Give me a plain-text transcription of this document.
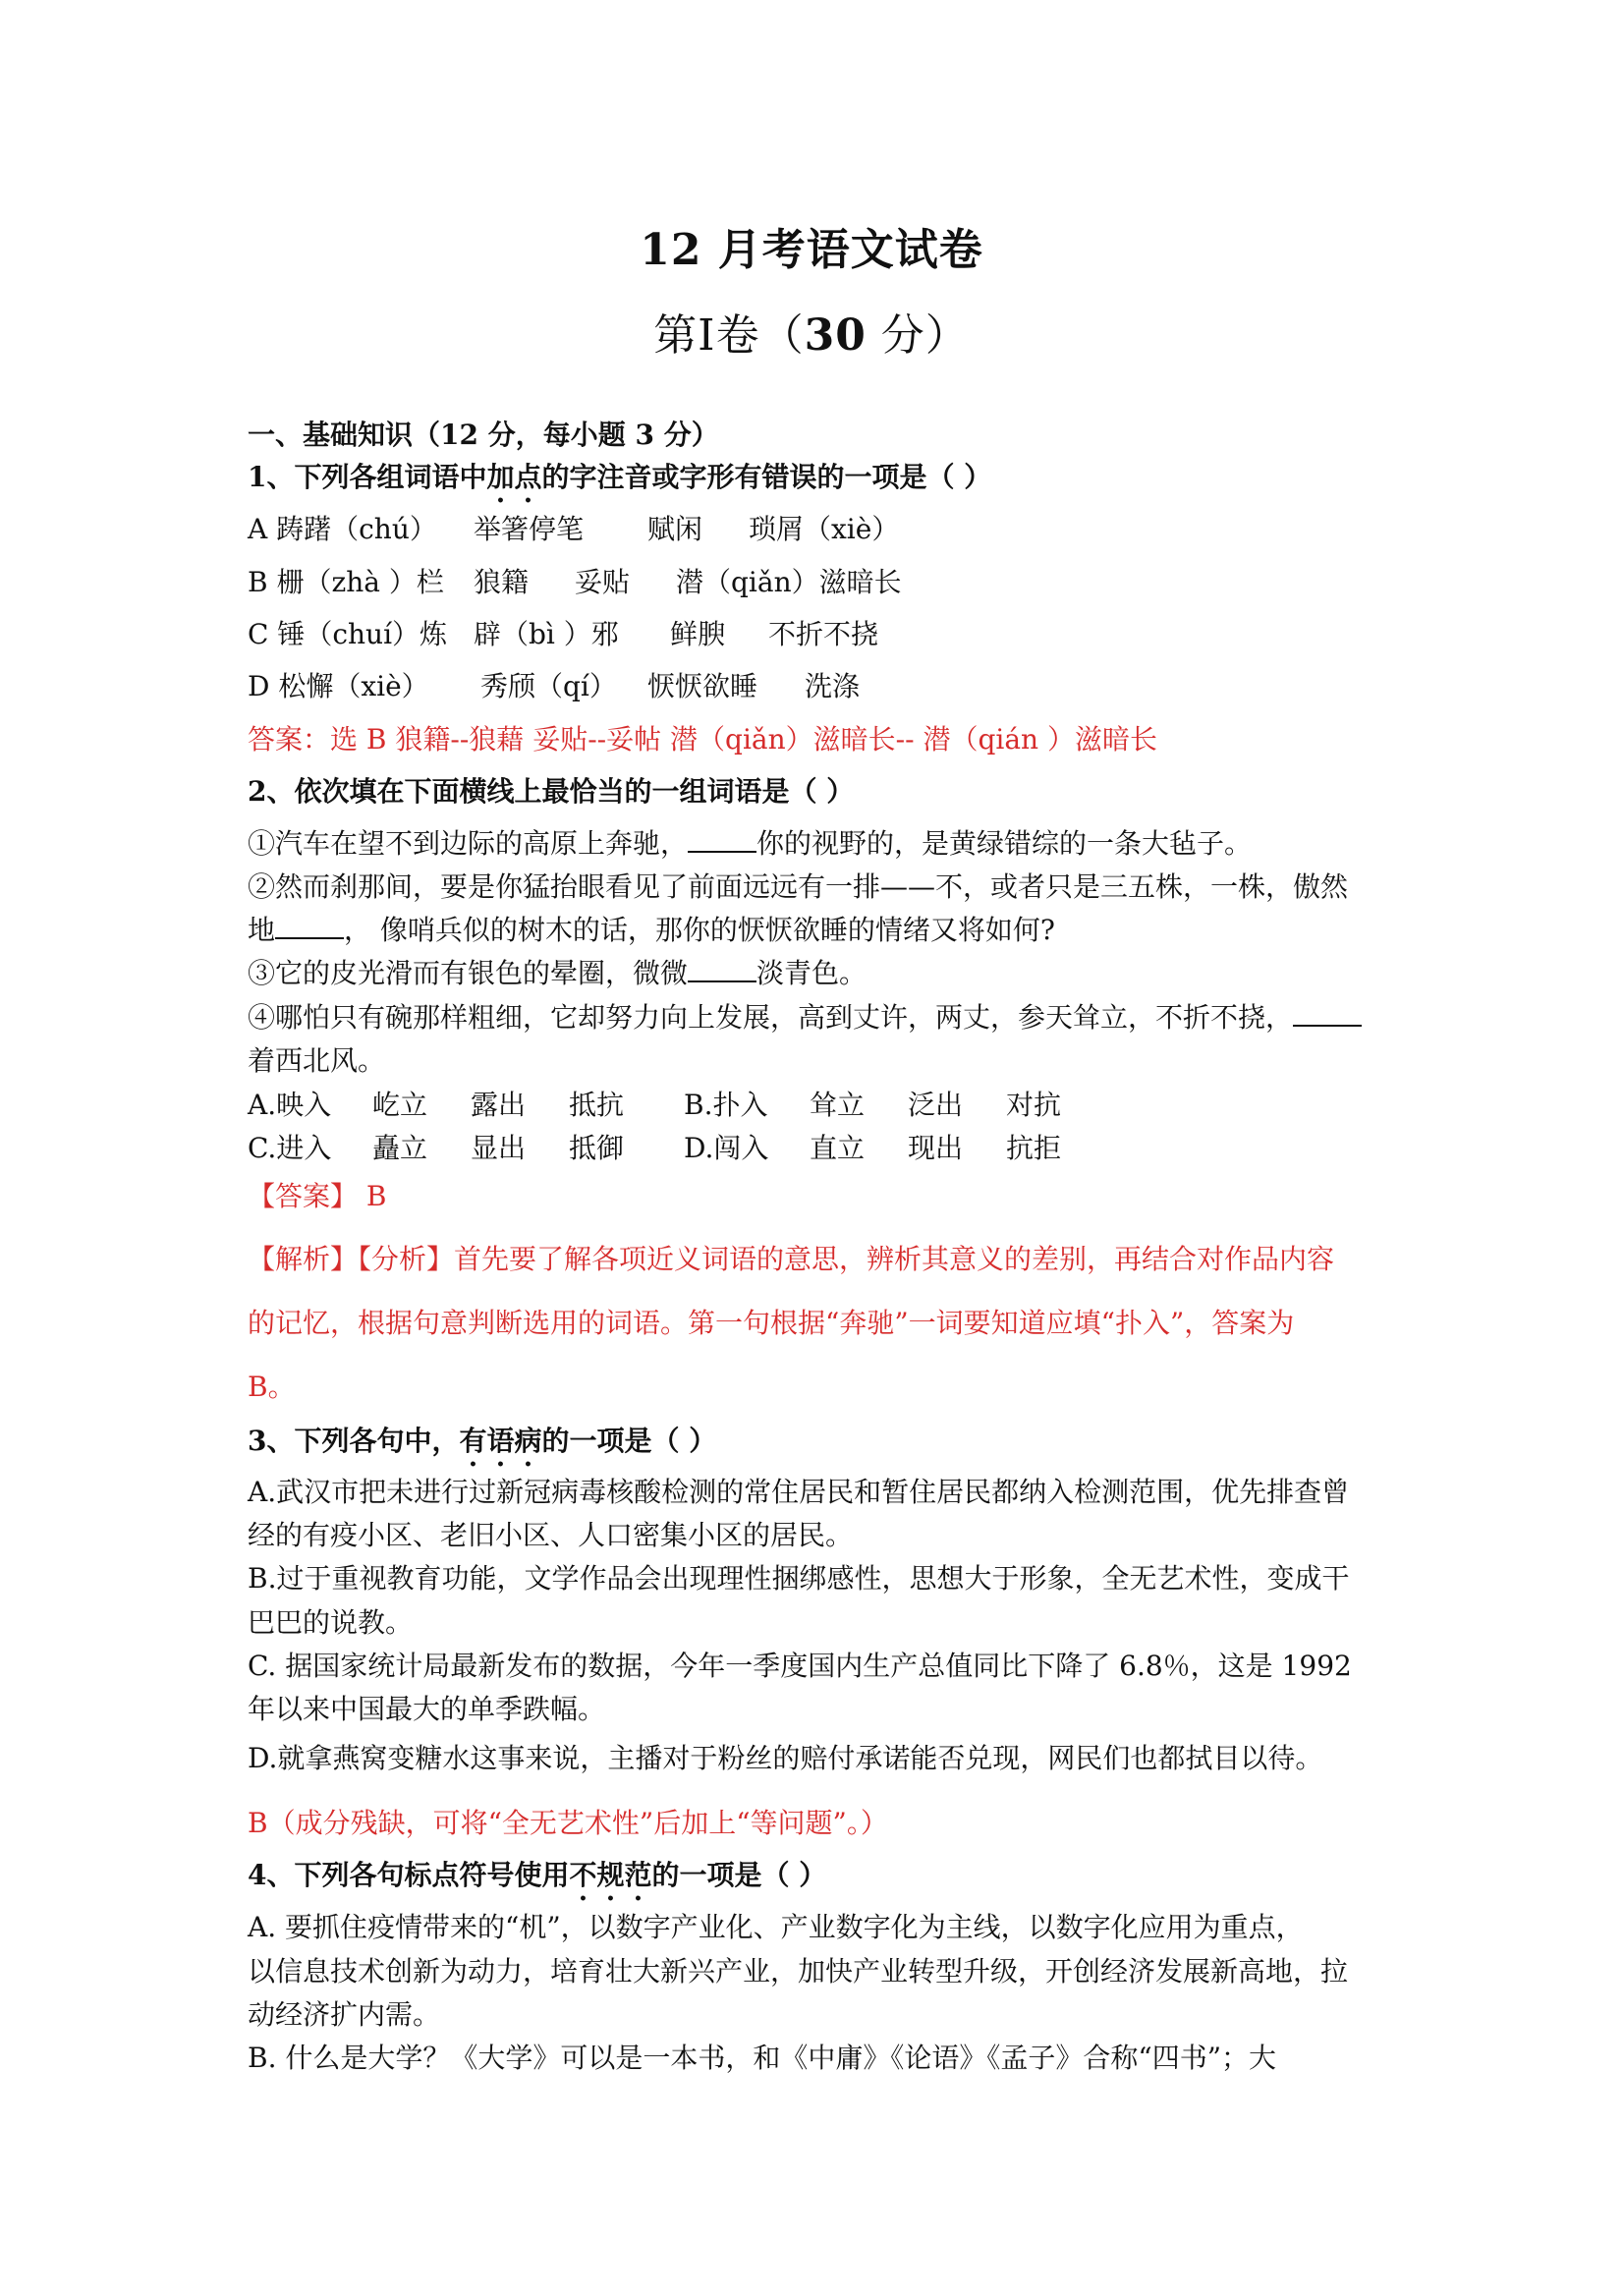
12 月考语文试卷
第Ⅰ卷（30 分）
一、基础知识（12 分，每小题 3 分）
1、下列各组词语中加点的字注音或字形有错误的一项是（ ）
A 踌躇（chú） 举箸停笔 赋闲 琐屑（xiè）
B 栅（zhà ）栏 狼籍 妥贴 潜（qiǎn）滋暗长
C 锤（chuí）炼 辟（bì ）邪 鲜腴 不折不挠
D 松懈（xiè） 秀颀（qí） 恹恹欲睡 洗涤
答案：选 B 狼籍--狼藉 妥贴--妥帖 潜（qiǎn）滋暗长-- 潜（qián ）滋暗长
2、依次填在下面横线上最恰当的一组词语是（ ）
①汽车在望不到边际的高原上奔驰，	你的视野的，是黄绿错综的一条大毡子。
②然而刹那间，要是你猛抬眼看见了前面远远有一排——不，或者只是三五株，一株，傲然
地	， 像哨兵似的树木的话，那你的恹恹欲睡的情绪又将如何?
③它的皮光滑而有银色的晕圈，微微	淡青色。
④哪怕只有碗那样粗细，它却努力向上发展，高到丈许，两丈，参天耸立，不折不挠，
着西北风。
A.映入 屹立 露出 抵抗 B.扑入 耸立 泛出 对抗
C.进入 矗立 显出 抵御 D.闯入 直立 现出 抗拒
【答案】 B
【解析】【分析】首先要了解各项近义词语的意思，辨析其意义的差别，再结合对作品内容
的记忆，根据句意判断选用的词语。第一句根据“奔驰”一词要知道应填“扑入”，答案为
B。
3、下列各句中，有语病的一项是（ ）
A.武汉市把未进行过新冠病毒核酸检测的常住居民和暂住居民都纳入检测范围，优先排查曾
经的有疫小区、老旧小区、人口密集小区的居民。
B.过于重视教育功能，文学作品会出现理性捆绑感性，思想大于形象，全无艺术性，变成干
巴巴的说教。
C. 据国家统计局最新发布的数据，今年一季度国内生产总值同比下降了 6.8％，这是 1992
年以来中国最大的单季跌幅。
D.就拿燕窝变糖水这事来说，主播对于粉丝的赔付承诺能否兑现，网民们也都拭目以待。
B（成分残缺，可将“全无艺术性”后加上“等问题”。）
4、下列各句标点符号使用不规范的一项是（ ）
A. 要抓住疫情带来的“机”，以数字产业化、产业数字化为主线，以数字化应用为重点，
以信息技术创新为动力，培育壮大新兴产业，加快产业转型升级，开创经济发展新高地，拉
动经济扩内需。
B. 什么是大学？《大学》可以是一本书，和《中庸》《论语》《孟子》合称“四书”；大
